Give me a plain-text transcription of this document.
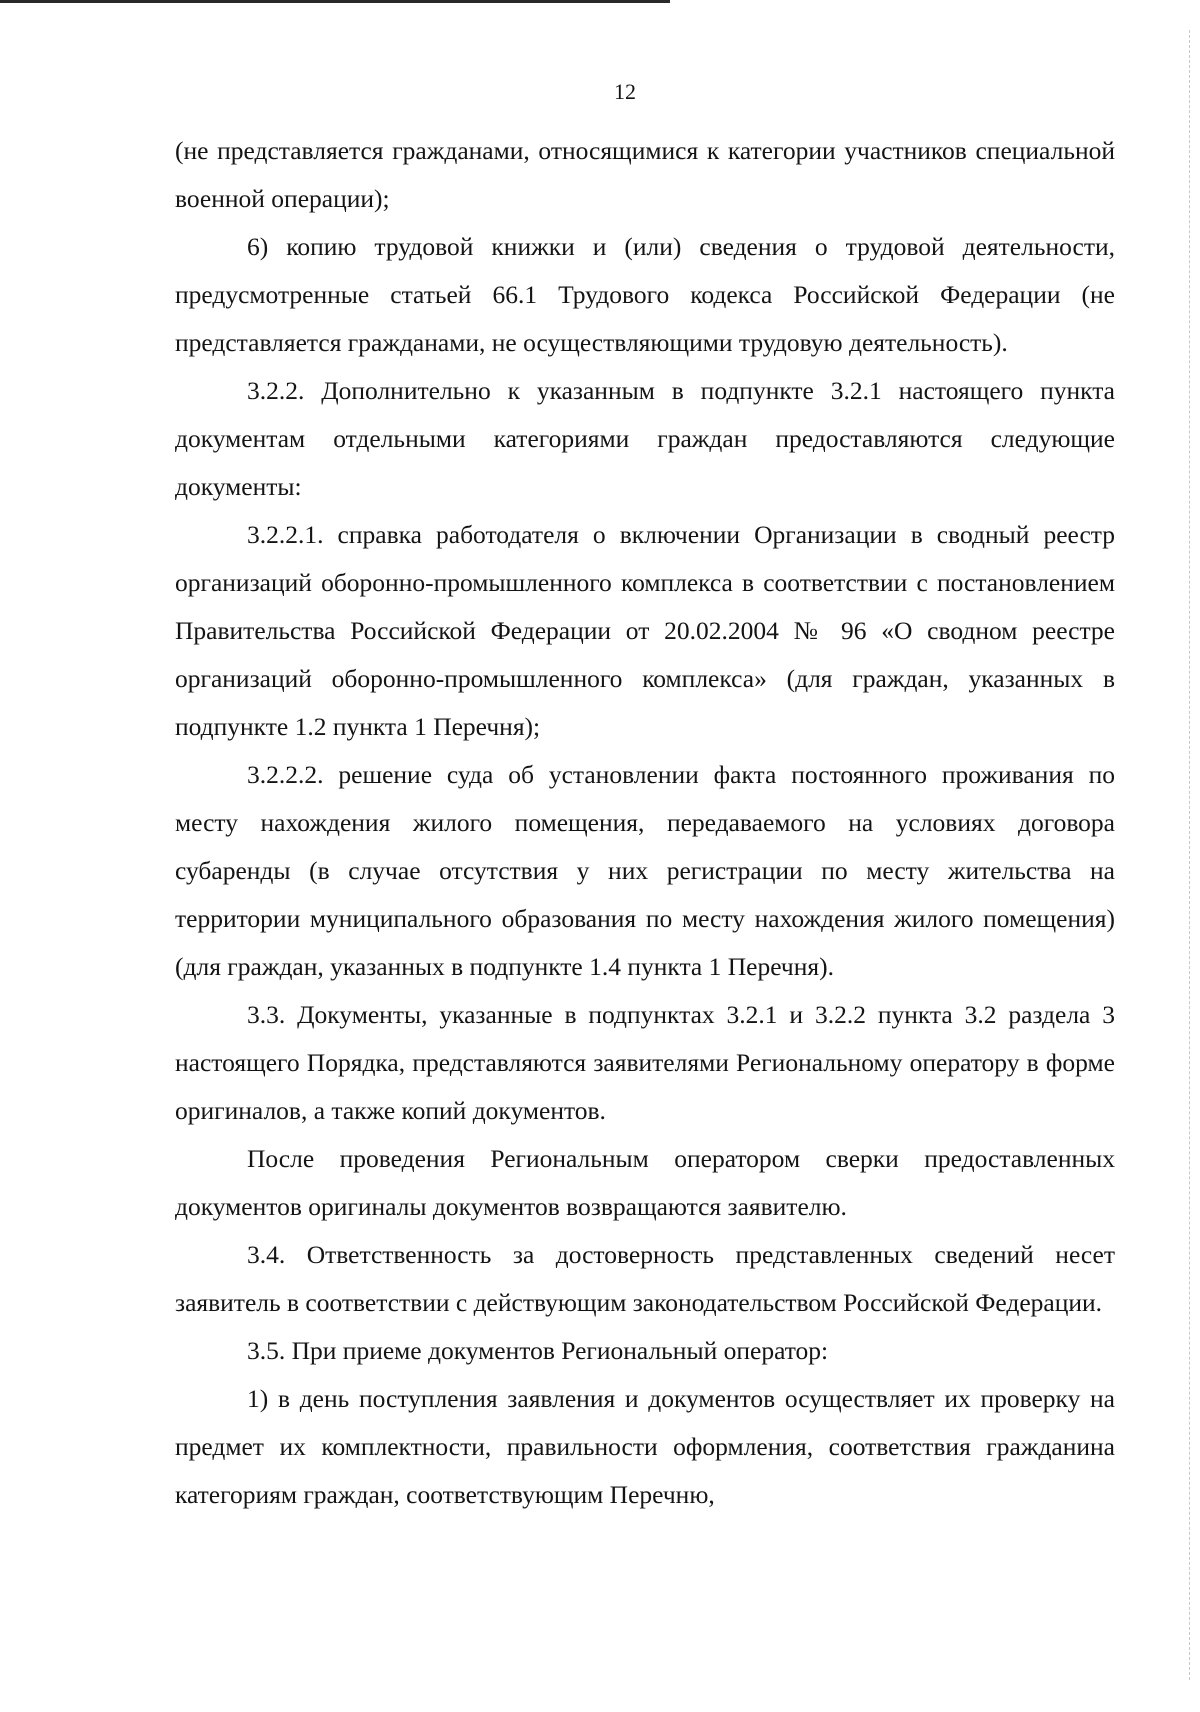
12

(не представляется гражданами, относящимися к категории участников специальной военной операции);

6) копию трудовой книжки и (или) сведения о трудовой деятельности, предусмотренные статьей 66.1 Трудового кодекса Российской Федерации (не представляется гражданами, не осуществляющими трудовую деятельность).

3.2.2. Дополнительно к указанным в подпункте 3.2.1 настоящего пункта документам отдельными категориями граждан предоставляются следующие документы:

3.2.2.1. справка работодателя о включении Организации в сводный реестр организаций оборонно-промышленного комплекса в соответствии с постановлением Правительства Российской Федерации от 20.02.2004 № 96 «О сводном реестре организаций оборонно-промышленного комплекса» (для граждан, указанных в подпункте 1.2 пункта 1 Перечня);

3.2.2.2. решение суда об установлении факта постоянного проживания по месту нахождения жилого помещения, передаваемого на условиях договора субаренды (в случае отсутствия у них регистрации по месту жительства на территории муниципального образования по месту нахождения жилого помещения) (для граждан, указанных в подпункте 1.4 пункта 1 Перечня).

3.3. Документы, указанные в подпунктах 3.2.1 и 3.2.2 пункта 3.2 раздела 3 настоящего Порядка, представляются заявителями Региональному оператору в форме оригиналов, а также копий документов.

После проведения Региональным оператором сверки предоставленных документов оригиналы документов возвращаются заявителю.

3.4. Ответственность за достоверность представленных сведений несет заявитель в соответствии с действующим законодательством Российской Федерации.

3.5. При приеме документов Региональный оператор:

1) в день поступления заявления и документов осуществляет их проверку на предмет их комплектности, правильности оформления, соответствия гражданина категориям граждан, соответствующим Перечню,
